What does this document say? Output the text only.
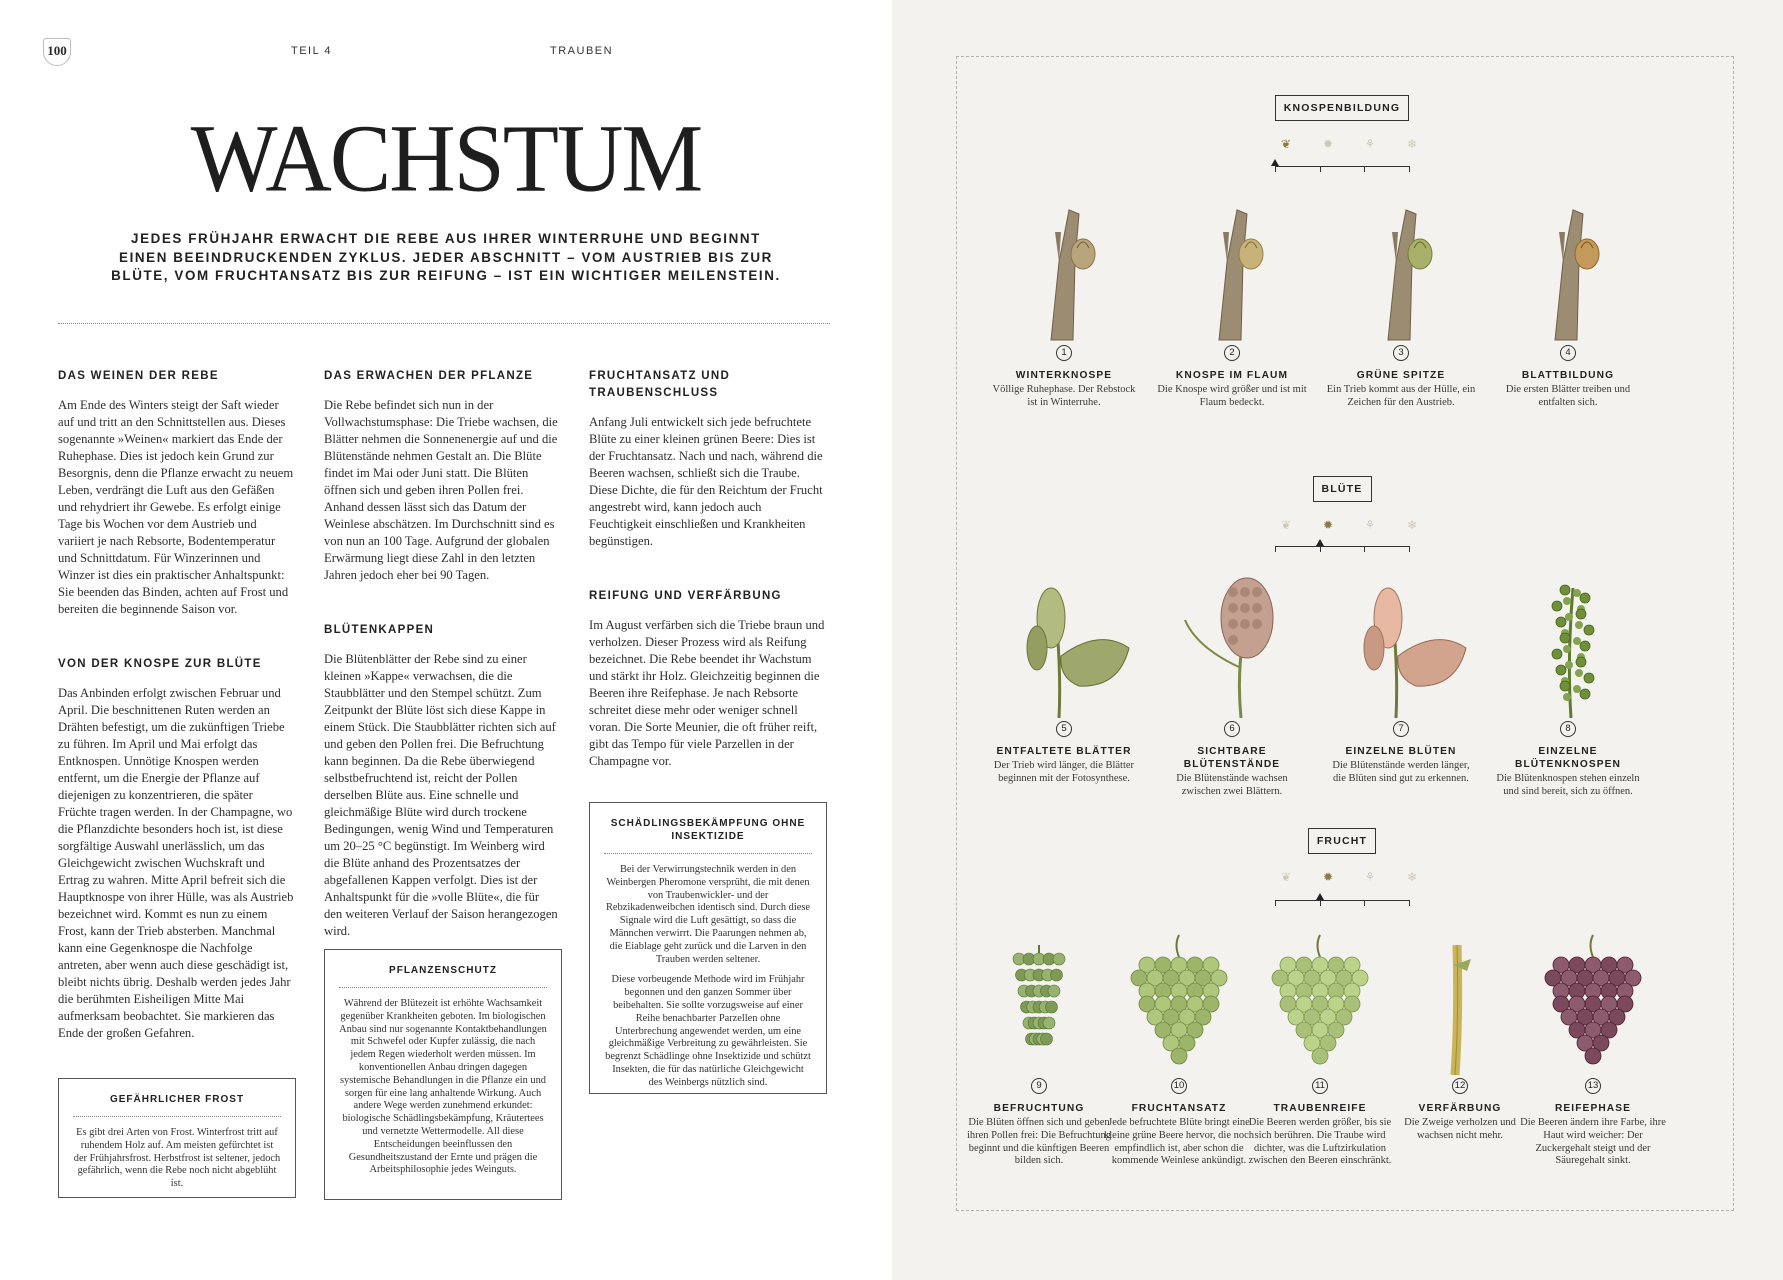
100	TEIL 4	TRAUBEN
WACHSTUM
JEDES FRÜHJAHR ERWACHT DIE REBE AUS IHRER WINTERRUHE UND BEGINNT EINEN BEEINDRUCKENDEN ZYKLUS. JEDER ABSCHNITT – VOM AUSTRIEB BIS ZUR BLÜTE, VOM FRUCHTANSATZ BIS ZUR REIFUNG – IST EIN WICHTIGER MEILENSTEIN.
DAS WEINEN DER REBE
Am Ende des Winters steigt der Saft wieder auf und tritt an den Schnittstellen aus. Dieses sogenannte »Weinen« markiert das Ende der Ruhephase. Dies ist jedoch kein Grund zur Besorgnis, denn die Pflanze erwacht zu neuem Leben, verdrängt die Luft aus den Gefäßen und rehydriert ihr Gewebe. Es erfolgt einige Tage bis Wochen vor dem Austrieb und variiert je nach Rebsorte, Bodentemperatur und Schnittdatum. Für Winzerinnen und Winzer ist dies ein praktischer Anhaltspunkt: Sie beenden das Binden, achten auf Frost und bereiten die beginnende Saison vor.
VON DER KNOSPE ZUR BLÜTE
Das Anbinden erfolgt zwischen Februar und April. Die beschnittenen Ruten werden an Drähten befestigt, um die zukünftigen Triebe zu führen. Im April und Mai erfolgt das Entknospen. Unnötige Knospen werden entfernt, um die Energie der Pflanze auf diejenigen zu konzentrieren, die später Früchte tragen werden. In der Champagne, wo die Pflanzdichte besonders hoch ist, ist diese sorgfältige Auswahl unerlässlich, um das Gleichgewicht zwischen Wuchskraft und Ertrag zu wahren. Mitte April befreit sich die Hauptknospe von ihrer Hülle, was als Austrieb bezeichnet wird. Kommt es nun zu einem Frost, kann der Trieb absterben. Manchmal kann eine Gegenknospe die Nachfolge antreten, aber wenn auch diese geschädigt ist, bleibt nichts übrig. Deshalb werden jedes Jahr die berühmten Eisheiligen Mitte Mai aufmerksam beobachtet. Sie markieren das Ende der großen Gefahren.
DAS ERWACHEN DER PFLANZE
Die Rebe befindet sich nun in der Vollwachstumsphase: Die Triebe wachsen, die Blätter nehmen die Sonnenenergie auf und die Blütenstände nehmen Gestalt an. Die Blüte findet im Mai oder Juni statt. Die Blüten öffnen sich und geben ihren Pollen frei. Anhand dessen lässt sich das Datum der Weinlese abschätzen. Im Durchschnitt sind es von nun an 100 Tage. Aufgrund der globalen Erwärmung liegt diese Zahl in den letzten Jahren jedoch eher bei 90 Tagen.
BLÜTENKAPPEN
Die Blütenblätter der Rebe sind zu einer kleinen »Kappe« verwachsen, die die Staubblätter und den Stempel schützt. Zum Zeitpunkt der Blüte löst sich diese Kappe in einem Stück. Die Staubblätter richten sich auf und geben den Pollen frei. Die Befruchtung kann beginnen. Da die Rebe überwiegend selbstbefruchtend ist, reicht der Pollen derselben Blüte aus. Eine schnelle und gleichmäßige Blüte wird durch trockene Bedingungen, wenig Wind und Temperaturen um 20–25 °C begünstigt. Im Weinberg wird die Blüte anhand des Prozentsatzes der abgefallenen Kappen verfolgt. Dies ist der Anhaltspunkt für die »volle Blüte«, die für den weiteren Verlauf der Saison herangezogen wird.
FRUCHTANSATZ UND TRAUBENSCHLUSS
Anfang Juli entwickelt sich jede befruchtete Blüte zu einer kleinen grünen Beere: Dies ist der Fruchtansatz. Nach und nach, während die Beeren wachsen, schließt sich die Traube. Diese Dichte, die für den Reichtum der Frucht angestrebt wird, kann jedoch auch Feuchtigkeit einschließen und Krankheiten begünstigen.
REIFUNG UND VERFÄRBUNG
Im August verfärben sich die Triebe braun und verholzen. Dieser Prozess wird als Reifung bezeichnet. Die Rebe beendet ihr Wachstum und stärkt ihr Holz. Gleichzeitig beginnen die Beeren ihre Reifephase. Je nach Rebsorte schreitet diese mehr oder weniger schnell voran. Die Sorte Meunier, die oft früher reift, gibt das Tempo für viele Parzellen in der Champagne vor.
GEFÄHRLICHER FROST
Es gibt drei Arten von Frost. Winterfrost tritt auf ruhendem Holz auf. Am meisten gefürchtet ist der Frühjahrsfrost. Herbstfrost ist seltener, jedoch gefährlich, wenn die Rebe noch nicht abgeblüht ist.
PFLANZENSCHUTZ
Während der Blütezeit ist erhöhte Wachsamkeit gegenüber Krankheiten geboten. Im biologischen Anbau sind nur sogenannte Kontaktbehandlungen mit Schwefel oder Kupfer zulässig, die nach jedem Regen wiederholt werden müssen. Im konventionellen Anbau dringen dagegen systemische Behandlungen in die Pflanze ein und sorgen für eine lang anhaltende Wirkung. Auch andere Wege werden zunehmend erkundet: biologische Schädlingsbekämpfung, Kräutertees und vernetzte Wettermodelle. All diese Entscheidungen beeinflussen den Gesundheitszustand der Ernte und prägen die Arbeitsphilosophie jedes Weinguts.
SCHÄDLINGSBEKÄMPFUNG OHNE INSEKTIZIDE
Bei der Verwirrungstechnik werden in den Weinbergen Pheromone versprüht, die mit denen von Traubenwickler- und der Rebzikadenweibchen identisch sind. Durch diese Signale wird die Luft gesättigt, so dass die Männchen verwirrt. Die Paarungen nehmen ab, die Eiablage geht zurück und die Larven in den Trauben werden seltener.
Diese vorbeugende Methode wird im Frühjahr begonnen und den ganzen Sommer über beibehalten. Sie sollte vorzugsweise auf einer Reihe benachbarter Parzellen ohne Unterbrechung angewendet werden, um eine gleichmäßige Verbreitung zu gewährleisten. Sie begrenzt Schädlinge ohne Insektizide und schützt Insekten, die für das natürliche Gleichgewicht des Weinbergs nützlich sind.
KNOSPENBILDUNG
❦	✹	⚘	❄
BLÜTE
❦	✹	⚘	❄
FRUCHT
❦	✹	⚘	❄
1
WINTERKNOSPE
Völlige Ruhephase. Der Rebstock ist in Winterruhe.
2
KNOSPE IM FLAUM
Die Knospe wird größer und ist mit Flaum bedeckt.
3
GRÜNE SPITZE
Ein Trieb kommt aus der Hülle, ein Zeichen für den Austrieb.
4
BLATTBILDUNG
Die ersten Blätter treiben und entfalten sich.
5
ENTFALTETE BLÄTTER
Der Trieb wird länger, die Blätter beginnen mit der Fotosynthese.
6
SICHTBARE BLÜTENSTÄNDE
Die Blütenstände wachsen zwischen zwei Blättern.
7
EINZELNE BLÜTEN
Die Blütenstände werden länger, die Blüten sind gut zu erkennen.
8
EINZELNE BLÜTENKNOSPEN
Die Blütenknospen stehen einzeln und sind bereit, sich zu öffnen.
9
BEFRUCHTUNG
Die Blüten öffnen sich und geben ihren Pollen frei: Die Befruchtung beginnt und die künftigen Beeren bilden sich.
10
FRUCHTANSATZ
Jede befruchtete Blüte bringt eine kleine grüne Beere hervor, die noch empfindlich ist, aber schon die kommende Weinlese ankündigt.
11
TRAUBENREIFE
Die Beeren werden größer, bis sie sich berühren. Die Traube wird dichter, was die Luftzirkulation zwischen den Beeren einschränkt.
12
VERFÄRBUNG
Die Zweige verholzen und wachsen nicht mehr.
13
REIFEPHASE
Die Beeren ändern ihre Farbe, ihre Haut wird weicher: Der Zuckergehalt steigt und der Säuregehalt sinkt.
